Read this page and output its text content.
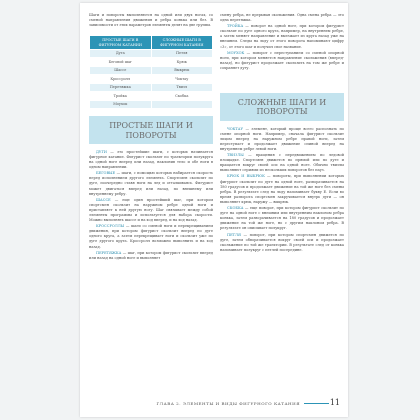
Шаги и повороты выполняются на одной или двух ногах, со сменой направления движения и ребра конька или без. В зависимости от этих параметров элементы делят на две группы.

ПРОСТЫЕ ШАГИ В ФИГУРНОМ КАТАНИИ	СЛОЖНЫЕ ШАГИ В ФИГУРНОМ КАТАНИИ
Дуга	Петля
Беговой шаг	Крюк
Шассе	Выкрюк
Кроссролл	Чоктау
Перетяжка	Твизл
Тройка	Скобка
Моухок	
ПРОСТЫЕ ШАГИ И ПОВОРОТЫ

ДУГИ — это простейшие шаги, с которых начинается фигурное катание. Фигурист скользит по траектории полукруга на одной ноге вперед или назад, наклонив тело и обе ноги в одном направлении.

БЕГОВЫЕ — шаги, с помощью которых набирается скорость перед исполнением другого элемента. Спортсмен скользит по дуге, поочередно ставя ноги на лед и отталкиваясь. Фигурист может двигаться вперед или назад, по внешнему или внутреннему ребру.

ШАССЕ — еще один простейший шаг, при котором спортсмен скользит на наружном ребре одной ноги и приставляет к ней другую ногу. Шаг связывает между собой элементы программы и используется для набора скорости. Можно выполнять шассе и на ход вперед, и на ход назад.

КРОССРОЛЛЫ — шаги со сменой ноги и перекрещиванием движения, при котором фигурист скользит вперед по дуге одного круга, а затем перекрещивает ноги и скользит уже по дуге другого круга. Кроссролл возможно выполнить и на ход назад.

ПЕРЕТЯЖКА — шаг, при котором фигурист скользит вперед или назад на одной ноге и выполняет

смену ребра, не прерывая скольжения. Одна смена ребра — это одна перетяжка.

ТРОЙКА — поворот на одной ноге, при котором фигурист скользит по дуге одного круга, например, на внутреннем ребре, а затем меняет направление и выезжает из круга назад уже на внешнем. Следы на льду от этого поворота напоминают цифру «3», от этого шаг и получил свое название.

МОУХОК — поворот с переступанием со сменой опорной ноги, при котором меняется направление скольжения (вперед-назад), но фигурист продолжает скользить на том же ребре и сохраняет дугу.

СЛОЖНЫЕ ШАГИ И ПОВОРОТЫ

ЧОКТАУ — элемент, который проще всего распознать по смене опорной ноги. Например, сначала фигурист скользит лицом вперед на наружном ребре правой ноги, затем переступает и продолжает движение спиной вперед на внутреннем ребре левой ноги.

ТВИЗЛЫ — вращения с передвижением по ледовой площадке. Спортсмен движется по прямой или по дуге и вращается вокруг своей оси на одной ноге. Обычно твизлы выполняют сериями из нескольких поворотов без пауз.

КРЮК И ВЫКРЮК — повороты, при выполнении которых фигурист скользит по дуге на одной ноге, разворачивается на 180 градусов и продолжает движение на той же ноге без смены ребра. В результате след на льду напоминает букву Е. Если во время разворота спортсмен закручивается внутрь дуги — он выполняет крюк, наружу — выкрюк.

СКОБКА — еще поворот, при котором фигурист скользит по дуге на одной ноге с внешним или внутренним наклоном ребра конька, затем разворачивается на 180 градусов и продолжает движение на той же ноге, но с другим наклоном ребра. В результате он описывает полукруг.

ПЕТЛЯ — поворот, при котором спортсмен движется по дуге, затем обворачивается вокруг своей оси и продолжает скольжение по той же траектории. В результате след от конька напоминает полукруг с петлей посередине.

ГЛАВА 2. ЭЛЕМЕНТЫ И ВИДЫ ФИГУРНОГО КАТАНИЯ	11
